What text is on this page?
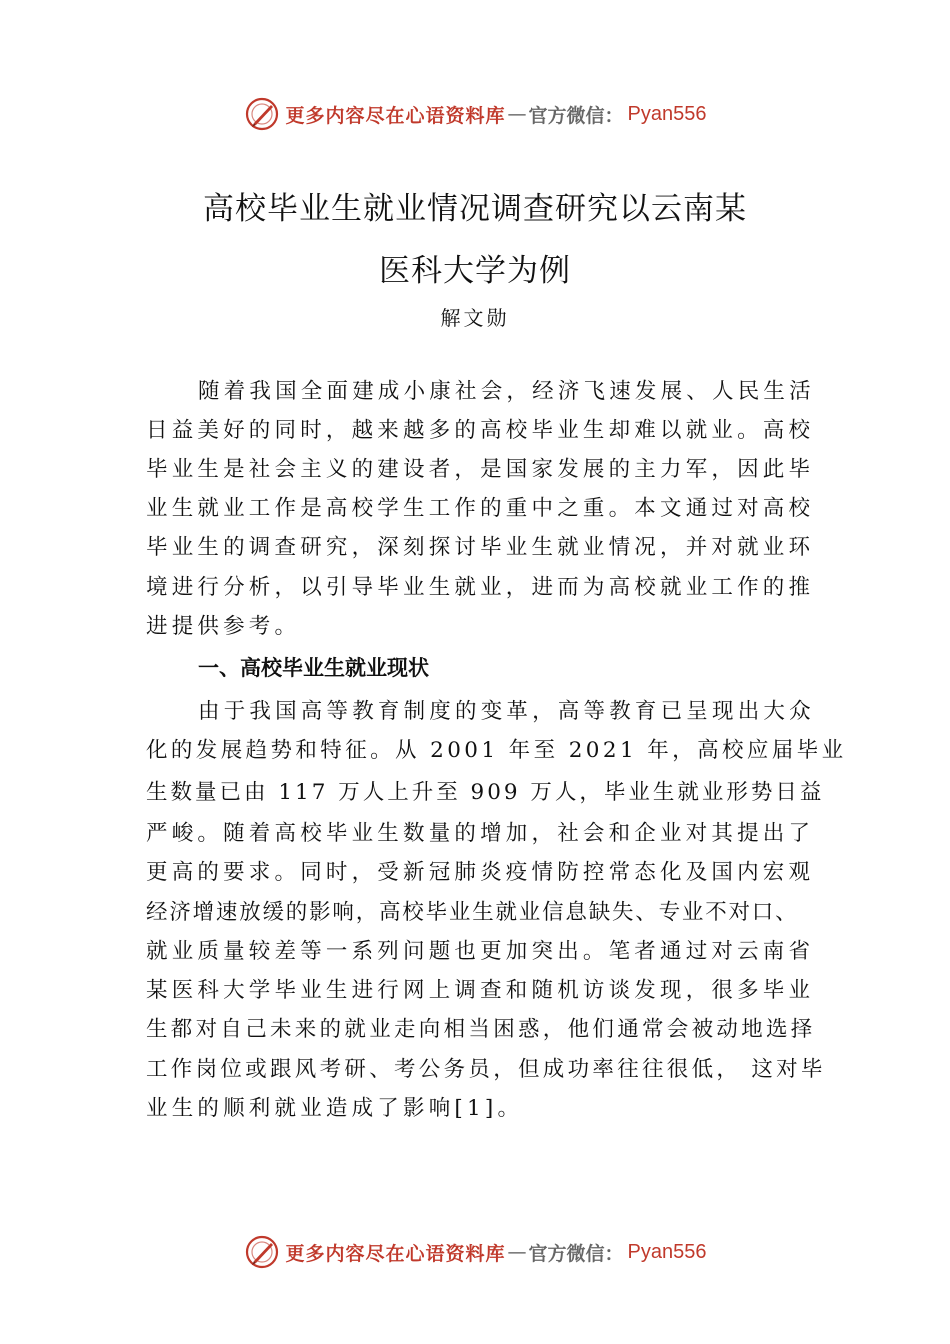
更多内容尽在心语资料库 — 官方微信： Pyan556
高校毕业生就业情况调查研究以云南某
医科大学为例
解文勋
随着我国全面建成小康社会，经济飞速发展、人民生活
日益美好的同时，越来越多的高校毕业生却难以就业。高校
毕业生是社会主义的建设者，是国家发展的主力军，因此毕
业生就业工作是高校学生工作的重中之重。本文通过对高校
毕业生的调查研究，深刻探讨毕业生就业情况，并对就业环
境进行分析，以引导毕业生就业，进而为高校就业工作的推
进提供参考。
一、高校毕业生就业现状
由于我国高等教育制度的变革，高等教育已呈现出大众
化的发展趋势和特征。从 2001 年至 2021 年，高校应届毕业
生数量已由 117 万人上升至 909 万人，毕业生就业形势日益
严峻。随着高校毕业生数量的增加，社会和企业对其提出了
更高的要求。同时，受新冠肺炎疫情防控常态化及国内宏观
经济增速放缓的影响，高校毕业生就业信息缺失、专业不对口、
就业质量较差等一系列问题也更加突出。笔者通过对云南省
某医科大学毕业生进行网上调查和随机访谈发现，很多毕业
生都对自己未来的就业走向相当困惑，他们通常会被动地选择
工作岗位或跟风考研、考公务员，但成功率往往很低， 这对毕
业生的顺利就业造成了影响[1]。
更多内容尽在心语资料库 — 官方微信： Pyan556
